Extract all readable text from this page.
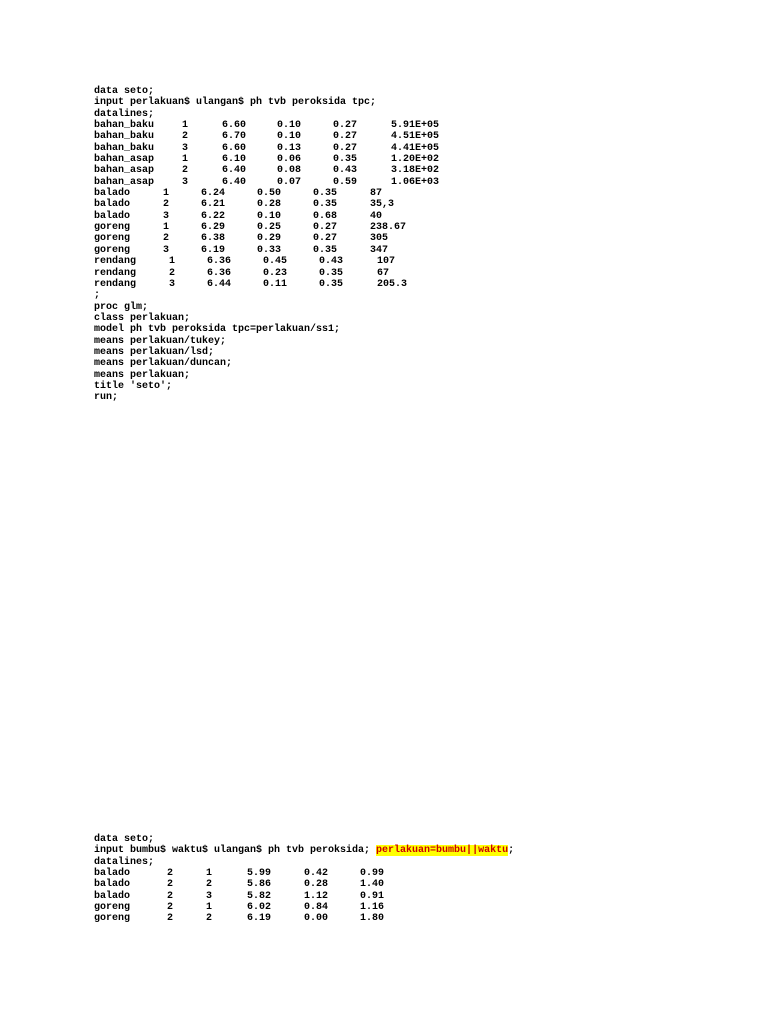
data seto;
input perlakuan$ ulangan$ ph tvb peroksida tpc;
datalines;
bahan_baku	1	6.60	0.10	0.27	5.91E+05
bahan_baku	2	6.70	0.10	0.27	4.51E+05
bahan_baku	3	6.60	0.13	0.27	4.41E+05
bahan_asap	1	6.10	0.06	0.35	1.20E+02
bahan_asap	2	6.40	0.08	0.43	3.18E+02
bahan_asap	3	6.40	0.07	0.59	1.06E+03
balado	1	6.24	0.50	0.35	87
balado	2	6.21	0.28	0.35	35,3
balado	3	6.22	0.10	0.68	40
goreng	1	6.29	0.25	0.27	238.67
goreng	2	6.38	0.29	0.27	305
goreng	3	6.19	0.33	0.35	347
rendang	1	6.36	0.45	0.43	107
rendang	2	6.36	0.23	0.35	67
rendang	3	6.44	0.11	0.35	205.3
;
proc glm;
class perlakuan;
model ph tvb peroksida tpc=perlakuan/ss1;
means perlakuan/tukey;
means perlakuan/lsd;
means perlakuan/duncan;
means perlakuan;
title 'seto';
run;
data seto;
input bumbu$ waktu$ ulangan$ ph tvb peroksida; perlakuan=bumbu||waktu;
datalines;
balado	2	1	5.99	0.42	0.99
balado	2	2	5.86	0.28	1.40
balado	2	3	5.82	1.12	0.91
goreng	2	1	6.02	0.84	1.16
goreng	2	2	6.19	0.00	1.80
